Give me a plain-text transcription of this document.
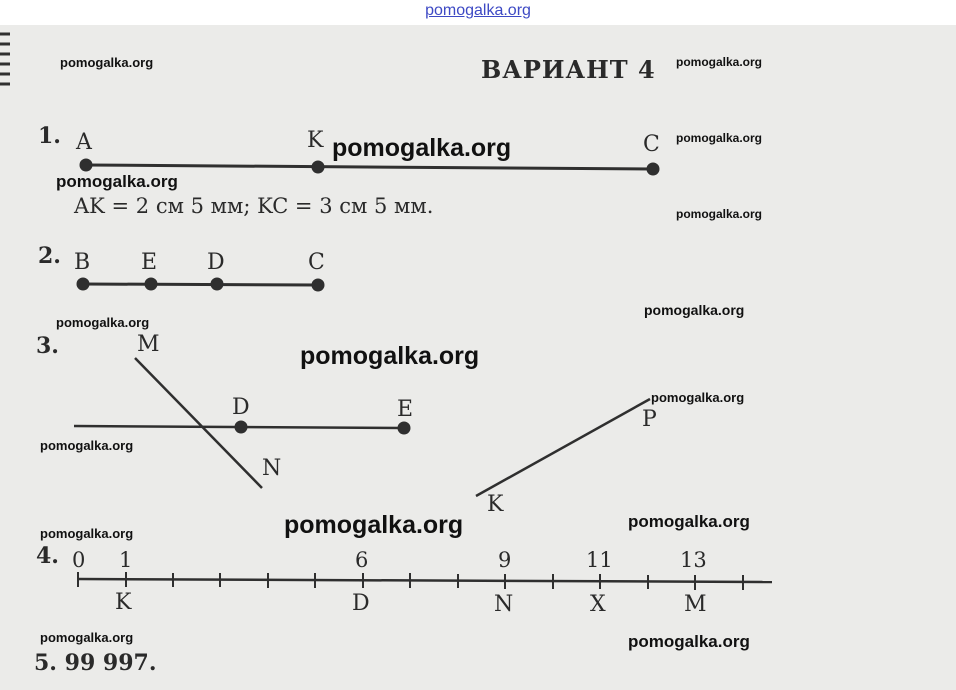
pomogalka.org
ВАРИАНТ 4
1. A	K	C
AK = 2 см 5 мм; KC = 3 см 5 мм.
2. B E D	C
3.	M
D	E
N
P
K
4. 0 1	6	9	11	13
K	D	N	X	M
5. 99 997.
pomogalka.org	pomogalka.org
pomogalka.org
pomogalka.org
pomogalka.org
pomogalka.org
pomogalka.org
pomogalka.org
pomogalka.org
pomogalka.org
pomogalka.org
pomogalka.org	pomogalka.org	pomogalka.org
pomogalka.org	pomogalka.org
